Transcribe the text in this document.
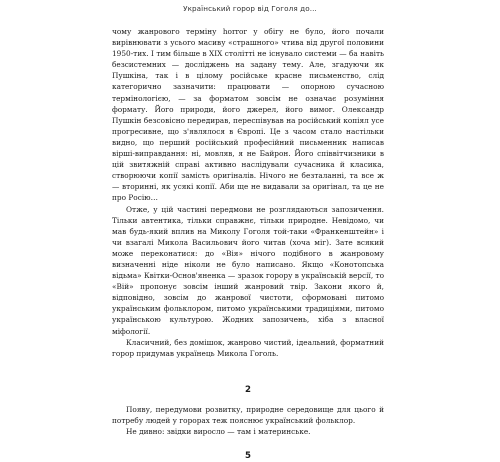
Український горор від Гоголя до...

чому жанрового терміну horror у обігу не було, його почали вирівнювати з усього масиву «страшного» чтива від другої половини 1950-тих. І тим більше в XIX столітті не існувало системи — ба навіть безсистемних — досліджень на задану тему. Але, згадуючи як Пушкіна, так і в цілому російське красне письменство, слід категорично зазначити: працювати — опорною сучасною термінологією, — за форматом зовсім не означає розуміння формату. Його природи, його джерел, його вимог. Олександр Пушкін безсовісно передирав, переспівував на російський копіял усе прогресивне, що з'являлося в Європі. Це з часом стало настільки видно, що перший російський професійний письменник написав вірші-виправдання: ні, мовляв, я не Байрон. Його співвітчизники в цій звитяжній справі активно наслідували сучасника й класика, створюючи копії замість оригіналів. Нічого не безталанні, та все ж — вторинні, як усякі копії. Аби ще не видавали за оригінал, та це не про Росію…

Отже, у цій частині передмови не розглядаються запозичення. Тільки автентика, тільки справжнє, тільки природне. Невідомо, чи мав будь-який вплив на Миколу Гоголя той-таки «Франкенштейн» і чи взагалі Микола Васильович його читав (хоча міг). Зате всякий може переконатися: до «Вія» нічого подібного в жанровому визначенні ніде ніколи не було написано. Якщо «Конотопська відьма» Квітки-Основ'яненка — зразок горору в українській версії, то «Вій» пропонує зовсім інший жанровий твір. Закони якого й, відповідно, зовсім до жанрової чистоти, сформовані питомо українським фольклором, питомо українськими традиціями, питомо українською культурою. Жодних запозичень, хіба з власної міфології.

Класичний, без домішок, жанрово чистий, ідеальний, форматний горор придумав українець Микола Гоголь.

2

Появу, передумови розвитку, природне середовище для цього й потребу людей у горорах теж пояснює український фольклор.

Не дивно: звідки виросло — там і материнське.

5
